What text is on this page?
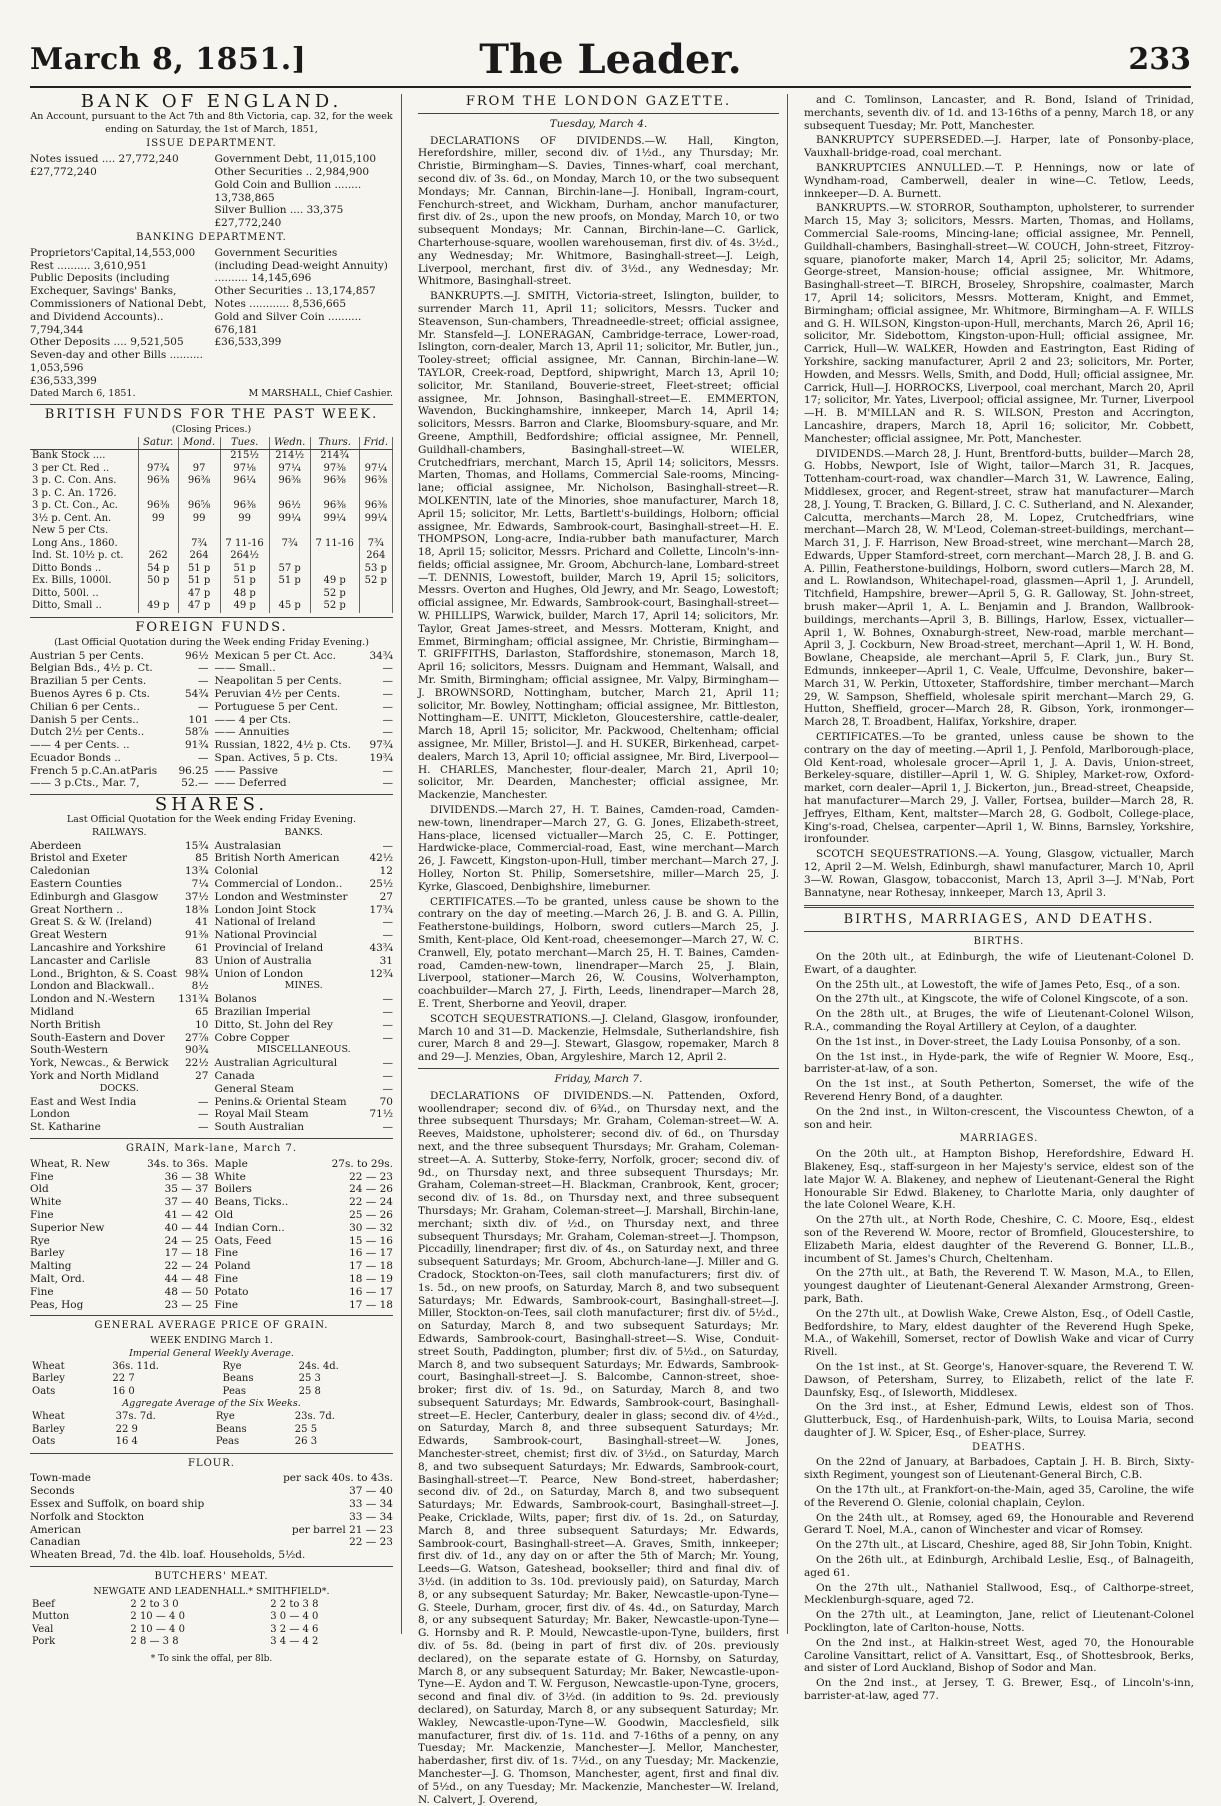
March 8, 1851.]	The Leader.	233
BANK OF ENGLAND.
An Account, pursuant to the Act 7th and 8th Victoria, cap. 32, for the week ending on Saturday, the 1st of March, 1851,
ISSUE DEPARTMENT.
Notes issued .... 27,772,240
£27,772,240
Government Debt, 11,015,100
Other Securities .. 2,984,900
Gold Coin and Bullion ........ 13,738,865
Silver Bullion .... 33,375
£27,772,240
BANKING DEPARTMENT.
Proprietors'Capital,14,553,000
Rest .......... 3,610,951
Public Deposits (including Exchequer, Savings' Banks, Commissioners of National Debt, and Dividend Accounts).. 7,794,344
Other Deposits .... 9,521,505
Seven-day and other Bills .......... 1,053,596
£36,533,399
Government Securities (including Dead-weight Annuity) .......... 14,145,696
Other Securities .. 13,174,857
Notes ............ 8,536,665
Gold and Silver Coin .......... 676,181
£36,533,399
Dated March 6, 1851.	M MARSHALL, Chief Cashier.
BRITISH FUNDS FOR THE PAST WEEK.
(Closing Prices.)
	Satur.	Mond.	Tues.	Wedn.	Thurs.	Frid.
Bank Stock ....			215½	214½	214¾	
3 per Ct. Red ..	97¾	97	97⅛	97¼	97⅜	97¼
3 p. C. Con. Ans.	96⅜	96⅜	96¼	96⅜	96⅜	96⅜
3 p. C. An. 1726.						
3 p. Ct. Con., Ac.	96⅜	96⅝	96⅜	96½	96⅜	96⅜
3½ p. Cent. An.	99	99	99	99¼	99¼	99¼
New 5 per Cts.						
Long Ans., 1860.		7¾	7 11-16	7¾	7 11-16	7¾
Ind. St. 10½ p. ct.	262	264	264½			264
Ditto Bonds ..	54 p	51 p	51 p	57 p		53 p
Ex. Bills, 1000l.	50 p	51 p	51 p	51 p	49 p	52 p
Ditto, 500l. ..		47 p	48 p		52 p	
Ditto, Small ..	49 p	47 p	49 p	45 p	52 p	
FOREIGN FUNDS.
(Last Official Quotation during the Week ending Friday Evening.)
Austrian 5 per Cents.	96½
Belgian Bds., 4½ p. Ct.	—
Brazilian 5 per Cents.	—
Buenos Ayres 6 p. Cts.	54¾
Chilian 6 per Cents..	—
Danish 5 per Cents..	101
Dutch 2½ per Cents..	58⅞
—— 4 per Cents. ..	91¾
Ecuador Bonds ..	—
French 5 p.C.An.atParis 96.25
—— 3 p.Cts., Mar. 7,	52.—
Mexican 5 per Ct. Acc.	34¾
—— Small..	—
Neapolitan 5 per Cents.	—
Peruvian 4½ per Cents.	—
Portuguese 5 per Cent.	—
—— 4 per Cts.	—
—— Annuities	—
Russian, 1822, 4½ p. Cts. 97¾
Span. Actives, 5 p. Cts.	19¾
—— Passive	—
—— Deferred	—
SHARES.
Last Official Quotation for the Week ending Friday Evening.
RAILWAYS.
Aberdeen	15¾
Bristol and Exeter	85
Caledonian	13¾
Eastern Counties	7¼
Edinburgh and Glasgow	37½
Great Northern ..	18⅜
Great S. & W. (Ireland)	41
Great Western	91⅜
Lancashire and Yorkshire	61
Lancaster and Carlisle	83
Lond., Brighton, & S. Coast 98¾
London and Blackwall..	8½
London and N.-Western 131¾
Midland	65
North British	10
South-Eastern and Dover 27⅞
South-Western	90¾
York, Newcas., & Berwick 22½
York and North Midland	27
DOCKS.
East and West India	—
London	—
St. Katharine	—
BANKS.
Australasian	—
British North American	42½
Colonial	12
Commercial of London..	25½
London and Westminster	27
London Joint Stock	17¾
National of Ireland	—
National Provincial	—
Provincial of Ireland	43¾
Union of Australia	31
Union of London	12¾
MINES.
Bolanos	—
Brazilian Imperial	—
Ditto, St. John del Rey	—
Cobre Copper	—
MISCELLANEOUS.
Australian Agricultural	—
Canada	—
General Steam	—
Penins.& Oriental Steam	70
Royal Mail Steam	71½
South Australian	—
GRAIN, Mark-lane, March 7.
Wheat, R. New	34s. to 36s.
Fine	36 — 38
Old	35 — 37
White	37 — 40
Fine	41 — 42
Superior New	40 — 44
Rye	24 — 25
Barley	17 — 18
Malting	22 — 24
Malt, Ord.	44 — 48
Fine	48 — 50
Peas, Hog	23 — 25
Maple	27s. to 29s.
White	22 — 23
Boilers	24 — 26
Beans, Ticks..	22 — 24
Old	25 — 26
Indian Corn..	30 — 32
Oats, Feed	15 — 16
Fine	16 — 17
Poland	17 — 18
Fine	18 — 19
Potato	16 — 17
Fine	17 — 18
GENERAL AVERAGE PRICE OF GRAIN.
WEEK ENDING March 1.
Imperial General Weekly Average.
Wheat	36s. 11d.	Rye	24s. 4d.
Barley	22 7	Beans	25 3
Oats	16 0	Peas	25 8
Aggregate Average of the Six Weeks.
Wheat	37s. 7d.	Rye	23s. 7d.
Barley	22 9	Beans	25 5
Oats	16 4	Peas	26 3
FLOUR.
Town-made	per sack 40s. to 43s.
Seconds	37 — 40
Essex and Suffolk, on board ship	33 — 34
Norfolk and Stockton	33 — 34
American	per barrel 21 — 23
Canadian	22 — 23
Wheaten Bread, 7d. the 4lb. loaf. Households, 5½d.
BUTCHERS' MEAT.
NEWGATE AND LEADENHALL.* SMITHFIELD*.
Beef	2 2 to 3 0	2 2 to 3 8
Mutton	2 10 — 4 0	3 0 — 4 0
Veal	2 10 — 4 0	3 2 — 4 6
Pork	2 8 — 3 8	3 4 — 4 2
* To sink the offal, per 8lb.
FROM THE LONDON GAZETTE.
Tuesday, March 4.

DECLARATIONS OF DIVIDENDS.—W. Hall, Kington, Herefordshire, miller, second div. of 1½d., any Thursday; Mr. Christie, Birmingham—S. Davies, Tinnes-wharf, coal merchant, second div. of 3s. 6d., on Monday, March 10, or the two subsequent Mondays; Mr. Cannan, Birchin-lane—J. Honiball, Ingram-court, Fenchurch-street, and Wickham, Durham, anchor manufacturer, first div. of 2s., upon the new proofs, on Monday, March 10, or two subsequent Mondays; Mr. Cannan, Birchin-lane—C. Garlick, Charterhouse-square, woollen warehouseman, first div. of 4s. 3½d., any Wednesday; Mr. Whitmore, Basinghall-street—J. Leigh, Liverpool, merchant, first div. of 3½d., any Wednesday; Mr. Whitmore, Basinghall-street.

BANKRUPTS.—J. SMITH, Victoria-street, Islington, builder, to surrender March 11, April 11; solicitors, Messrs. Tucker and Steavenson, Sun-chambers, Threadneedle-street; official assignee, Mr. Stansfeld—J. LONERAGAN, Cambridge-terrace, Lower-road, Islington, corn-dealer, March 13, April 11; solicitor, Mr. Butler, jun., Tooley-street; official assignee, Mr. Cannan, Birchin-lane—W. TAYLOR, Creek-road, Deptford, shipwright, March 13, April 10; solicitor, Mr. Staniland, Bouverie-street, Fleet-street; official assignee, Mr. Johnson, Basinghall-street—E. EMMERTON, Wavendon, Buckinghamshire, innkeeper, March 14, April 14; solicitors, Messrs. Barron and Clarke, Bloomsbury-square, and Mr. Greene, Ampthill, Bedfordshire; official assignee, Mr. Pennell, Guildhall-chambers, Basinghall-street—W. WIELER, Crutchedfriars, merchant, March 15, April 14; solicitors, Messrs. Marten, Thomas, and Hollams, Commercial Sale-rooms, Mincing-lane; official assignee, Mr. Nicholson, Basinghall-street—R. MOLKENTIN, late of the Minories, shoe manufacturer, March 18, April 15; solicitor, Mr. Letts, Bartlett's-buildings, Holborn; official assignee, Mr. Edwards, Sambrook-court, Basinghall-street—H. E. THOMPSON, Long-acre, India-rubber bath manufacturer, March 18, April 15; solicitor, Messrs. Prichard and Collette, Lincoln's-inn-fields; official assignee, Mr. Groom, Abchurch-lane, Lombard-street—T. DENNIS, Lowestoft, builder, March 19, April 15; solicitors, Messrs. Overton and Hughes, Old Jewry, and Mr. Seago, Lowestoft; official assignee, Mr. Edwards, Sambrook-court, Basinghall-street—W. PHILLIPS, Warwick, builder, March 17, April 14; solicitors, Mr. Taylor, Great James-street, and Messrs. Motteram, Knight, and Emmet, Birmingham; official assignee, Mr. Christie, Birmingham—T. GRIFFITHS, Darlaston, Staffordshire, stonemason, March 18, April 16; solicitors, Messrs. Duignam and Hemmant, Walsall, and Mr. Smith, Birmingham; official assignee, Mr. Valpy, Birmingham—J. BROWNSORD, Nottingham, butcher, March 21, April 11; solicitor, Mr. Bowley, Nottingham; official assignee, Mr. Bittleston, Nottingham—E. UNITT, Mickleton, Gloucestershire, cattle-dealer, March 18, April 15; solicitor, Mr. Packwood, Cheltenham; official assignee, Mr. Miller, Bristol—J. and H. SUKER, Birkenhead, carpet-dealers, March 13, April 10; official assignee, Mr. Bird, Liverpool—H. CHARLES, Manchester, flour-dealer, March 21, April 10; solicitor, Mr. Dearden, Manchester; official assignee, Mr. Mackenzie, Manchester.

DIVIDENDS.—March 27, H. T. Baines, Camden-road, Camden-new-town, linendraper—March 27, G. G. Jones, Elizabeth-street, Hans-place, licensed victualler—March 25, C. E. Pottinger, Hardwicke-place, Commercial-road, East, wine merchant—March 26, J. Fawcett, Kingston-upon-Hull, timber merchant—March 27, J. Holley, Norton St. Philip, Somersetshire, miller—March 25, J. Kyrke, Glascoed, Denbighshire, limeburner.

CERTIFICATES.—To be granted, unless cause be shown to the contrary on the day of meeting.—March 26, J. B. and G. A. Pillin, Featherstone-buildings, Holborn, sword cutlers—March 25, J. Smith, Kent-place, Old Kent-road, cheesemonger—March 27, W. C. Cranwell, Ely, potato merchant—March 25, H. T. Baines, Camden-road, Camden-new-town, linendraper—March 25, J. Blain, Liverpool, stationer—March 26, W. Cousins, Wolverhampton, coachbuilder—March 27, J. Firth, Leeds, linendraper—March 28, E. Trent, Sherborne and Yeovil, draper.

SCOTCH SEQUESTRATIONS.—J. Cleland, Glasgow, ironfounder, March 10 and 31—D. Mackenzie, Helmsdale, Sutherlandshire, fish curer, March 8 and 29—J. Stewart, Glasgow, ropemaker, March 8 and 29—J. Menzies, Oban, Argyleshire, March 12, April 2.

Friday, March 7.

DECLARATIONS OF DIVIDENDS.—N. Pattenden, Oxford, woollendraper; second div. of 6¾d., on Thursday next, and the three subsequent Thursdays; Mr. Graham, Coleman-street—W. A. Reeves, Maidstone, upholsterer; second div. of 6d., on Thursday next, and the three subsequent Thursdays; Mr. Graham, Coleman-street—A. A. Sutterby, Stoke-ferry, Norfolk, grocer; second div. of 9d., on Thursday next, and three subsequent Thursdays; Mr. Graham, Coleman-street—H. Blackman, Cranbrook, Kent, grocer; second div. of 1s. 8d., on Thursday next, and three subsequent Thursdays; Mr. Graham, Coleman-street—J. Marshall, Birchin-lane, merchant; sixth div. of ½d., on Thursday next, and three subsequent Thursdays; Mr. Graham, Coleman-street—J. Thompson, Piccadilly, linendraper; first div. of 4s., on Saturday next, and three subsequent Saturdays; Mr. Groom, Abchurch-lane—J. Miller and G. Cradock, Stockton-on-Tees, sail cloth manufacturers; first div. of 1s. 5d., on new proofs, on Saturday, March 8, and two subsequent Saturdays; Mr. Edwards, Sambrook-court, Basinghall-street—J. Miller, Stockton-on-Tees, sail cloth manufacturer; first div. of 5½d., on Saturday, March 8, and two subsequent Saturdays; Mr. Edwards, Sambrook-court, Basinghall-street—S. Wise, Conduit-street South, Paddington, plumber; first div. of 5½d., on Saturday, March 8, and two subsequent Saturdays; Mr. Edwards, Sambrook-court, Basinghall-street—J. S. Balcombe, Cannon-street, shoe-broker; first div. of 1s. 9d., on Saturday, March 8, and two subsequent Saturdays; Mr. Edwards, Sambrook-court, Basinghall-street—E. Hecler, Canterbury, dealer in glass; second div. of 4½d., on Saturday, March 8, and three subsequent Saturdays; Mr. Edwards, Sambrook-court, Basinghall-street—W. Jones, Manchester-street, chemist; first div. of 3½d., on Saturday, March 8, and two subsequent Saturdays; Mr. Edwards, Sambrook-court, Basinghall-street—T. Pearce, New Bond-street, haberdasher; second div. of 2d., on Saturday, March 8, and two subsequent Saturdays; Mr. Edwards, Sambrook-court, Basinghall-street—J. Peake, Cricklade, Wilts, paper; first div. of 1s. 2d., on Saturday, March 8, and three subsequent Saturdays; Mr. Edwards, Sambrook-court, Basinghall-street—A. Graves, Smith, innkeeper; first div. of 1d., any day on or after the 5th of March; Mr. Young, Leeds—G. Watson, Gateshead, bookseller; third and final div. of 3½d. (in addition to 3s. 10d. previously paid), on Saturday, March 8, or any subsequent Saturday; Mr. Baker, Newcastle-upon-Tyne—G. Steele, Durham, grocer, first div. of 4s. 4d., on Saturday, March 8, or any subsequent Saturday; Mr. Baker, Newcastle-upon-Tyne—G. Hornsby and R. P. Mould, Newcastle-upon-Tyne, builders, first div. of 5s. 8d. (being in part of first div. of 20s. previously declared), on the separate estate of G. Hornsby, on Saturday, March 8, or any subsequent Saturday; Mr. Baker, Newcastle-upon-Tyne—E. Aydon and T. W. Ferguson, Newcastle-upon-Tyne, grocers, second and final div. of 3½d. (in addition to 9s. 2d. previously declared), on Saturday, March 8, or any subsequent Saturday; Mr. Wakley, Newcastle-upon-Tyne—W. Goodwin, Macclesfield, silk manufacturer, first div. of 1s. 11d. and 7-16ths of a penny, on any Tuesday; Mr. Mackenzie, Manchester—J. Mellor, Manchester, haberdasher, first div. of 1s. 7½d., on any Tuesday; Mr. Mackenzie, Manchester—J. G. Thomson, Manchester, agent, first and final div. of 5½d., on any Tuesday; Mr. Mackenzie, Manchester—W. Ireland, N. Calvert, J. Overend,

and C. Tomlinson, Lancaster, and R. Bond, Island of Trinidad, merchants, seventh div. of 1d. and 13-16ths of a penny, March 18, or any subsequent Tuesday; Mr. Pott, Manchester.

BANKRUPTCY SUPERSEDED.—J. Harper, late of Ponsonby-place, Vauxhall-bridge-road, coal merchant.

BANKRUPTCIES ANNULLED.—T. P. Hennings, now or late of Wyndham-road, Camberwell, dealer in wine—C. Tetlow, Leeds, innkeeper—D. A. Burnett.

BANKRUPTS.—W. STORROR, Southampton, upholsterer, to surrender March 15, May 3; solicitors, Messrs. Marten, Thomas, and Hollams, Commercial Sale-rooms, Mincing-lane; official assignee, Mr. Pennell, Guildhall-chambers, Basinghall-street—W. COUCH, John-street, Fitzroy-square, pianoforte maker, March 14, April 25; solicitor, Mr. Adams, George-street, Mansion-house; official assignee, Mr. Whitmore, Basinghall-street—T. BIRCH, Broseley, Shropshire, coalmaster, March 17, April 14; solicitors, Messrs. Motteram, Knight, and Emmet, Birmingham; official assignee, Mr. Whitmore, Birmingham—A. F. WILLS and G. H. WILSON, Kingston-upon-Hull, merchants, March 26, April 16; solicitor, Mr. Sidebottom, Kingston-upon-Hull; official assignee, Mr. Carrick, Hull—W. WALKER, Howden and Eastrington, East Riding of Yorkshire, sacking manufacturer, April 2 and 23; solicitors, Mr. Porter, Howden, and Messrs. Wells, Smith, and Dodd, Hull; official assignee, Mr. Carrick, Hull—J. HORROCKS, Liverpool, coal merchant, March 20, April 17; solicitor, Mr. Yates, Liverpool; official assignee, Mr. Turner, Liverpool—H. B. M'MILLAN and R. S. WILSON, Preston and Accrington, Lancashire, drapers, March 18, April 16; solicitor, Mr. Cobbett, Manchester; official assignee, Mr. Pott, Manchester.

DIVIDENDS.—March 28, J. Hunt, Brentford-butts, builder—March 28, G. Hobbs, Newport, Isle of Wight, tailor—March 31, R. Jacques, Tottenham-court-road, wax chandler—March 31, W. Lawrence, Ealing, Middlesex, grocer, and Regent-street, straw hat manufacturer—March 28, J. Young, T. Bracken, G. Billard, J. C. C. Sutherland, and N. Alexander, Calcutta, merchants—March 28, M. Lopez, Crutchedfriars, wine merchant—March 28, W. M'Leod, Coleman-street-buildings, merchant—March 31, J. F. Harrison, New Broad-street, wine merchant—March 28, Edwards, Upper Stamford-street, corn merchant—March 28, J. B. and G. A. Pillin, Featherstone-buildings, Holborn, sword cutlers—March 28, M. and L. Rowlandson, Whitechapel-road, glassmen—April 1, J. Arundell, Titchfield, Hampshire, brewer—April 5, G. R. Galloway, St. John-street, brush maker—April 1, A. L. Benjamin and J. Brandon, Wallbrook-buildings, merchants—April 3, B. Billings, Harlow, Essex, victualler—April 1, W. Bohnes, Oxnaburgh-street, New-road, marble merchant—April 3, J. Cockburn, New Broad-street, merchant—April 1, W. H. Bond, Bowlane, Cheapside, ale merchant—April 5, F. Clark, jun., Bury St. Edmunds, innkeeper—April 1, C. Veale, Uffculme, Devonshire, baker—March 31, W. Perkin, Uttoxeter, Staffordshire, timber merchant—March 29, W. Sampson, Sheffield, wholesale spirit merchant—March 29, G. Hutton, Sheffield, grocer—March 28, R. Gibson, York, ironmonger—March 28, T. Broadbent, Halifax, Yorkshire, draper.

CERTIFICATES.—To be granted, unless cause be shown to the contrary on the day of meeting.—April 1, J. Penfold, Marlborough-place, Old Kent-road, wholesale grocer—April 1, J. A. Davis, Union-street, Berkeley-square, distiller—April 1, W. G. Shipley, Market-row, Oxford-market, corn dealer—April 1, J. Bickerton, jun., Bread-street, Cheapside, hat manufacturer—March 29, J. Valler, Fortsea, builder—March 28, R. Jeffryes, Eltham, Kent, maltster—March 28, G. Godbolt, College-place, King's-road, Chelsea, carpenter—April 1, W. Binns, Barnsley, Yorkshire, ironfounder.

SCOTCH SEQUESTRATIONS.—A. Young, Glasgow, victualler, March 12, April 2—M. Welsh, Edinburgh, shawl manufacturer, March 10, April 3—W. Rowan, Glasgow, tobacconist, March 13, April 3—J. M'Nab, Port Bannatyne, near Rothesay, innkeeper, March 13, April 3.

BIRTHS, MARRIAGES, AND DEATHS.
BIRTHS.

On the 20th ult., at Edinburgh, the wife of Lieutenant-Colonel D. Ewart, of a daughter.

On the 25th ult., at Lowestoft, the wife of James Peto, Esq., of a son.

On the 27th ult., at Kingscote, the wife of Colonel Kingscote, of a son.

On the 28th ult., at Bruges, the wife of Lieutenant-Colonel Wilson, R.A., commanding the Royal Artillery at Ceylon, of a daughter.

On the 1st inst., in Dover-street, the Lady Louisa Ponsonby, of a son.

On the 1st inst., in Hyde-park, the wife of Regnier W. Moore, Esq., barrister-at-law, of a son.

On the 1st inst., at South Petherton, Somerset, the wife of the Reverend Henry Bond, of a daughter.

On the 2nd inst., in Wilton-crescent, the Viscountess Chewton, of a son and heir.

MARRIAGES.

On the 20th ult., at Hampton Bishop, Herefordshire, Edward H. Blakeney, Esq., staff-surgeon in her Majesty's service, eldest son of the late Major W. A. Blakeney, and nephew of Lieutenant-General the Right Honourable Sir Edwd. Blakeney, to Charlotte Maria, only daughter of the late Colonel Weare, K.H.

On the 27th ult., at North Rode, Cheshire, C. C. Moore, Esq., eldest son of the Reverend W. Moore, rector of Bromfield, Gloucestershire, to Elizabeth Maria, eldest daughter of the Reverend G. Bonner, LL.B., incumbent of St. James's Church, Cheltenham.

On the 27th ult., at Bath, the Reverend T. W. Mason, M.A., to Ellen, youngest daughter of Lieutenant-General Alexander Armstrong, Green-park, Bath.

On the 27th ult., at Dowlish Wake, Crewe Alston, Esq., of Odell Castle, Bedfordshire, to Mary, eldest daughter of the Reverend Hugh Speke, M.A., of Wakehill, Somerset, rector of Dowlish Wake and vicar of Curry Rivell.

On the 1st inst., at St. George's, Hanover-square, the Reverend T. W. Dawson, of Petersham, Surrey, to Elizabeth, relict of the late F. Daunfsky, Esq., of Isleworth, Middlesex.

On the 3rd inst., at Esher, Edmund Lewis, eldest son of Thos. Glutterbuck, Esq., of Hardenhuish-park, Wilts, to Louisa Maria, second daughter of J. W. Spicer, Esq., of Esher-place, Surrey.

DEATHS.

On the 22nd of January, at Barbadoes, Captain J. H. B. Birch, Sixty-sixth Regiment, youngest son of Lieutenant-General Birch, C.B.

On the 17th ult., at Frankfort-on-the-Main, aged 35, Caroline, the wife of the Reverend O. Glenie, colonial chaplain, Ceylon.

On the 24th ult., at Romsey, aged 69, the Honourable and Reverend Gerard T. Noel, M.A., canon of Winchester and vicar of Romsey.

On the 27th ult., at Liscard, Cheshire, aged 88, Sir John Tobin, Knight.

On the 26th ult., at Edinburgh, Archibald Leslie, Esq., of Balnageith, aged 61.

On the 27th ult., Nathaniel Stallwood, Esq., of Calthorpe-street, Mecklenburgh-square, aged 72.

On the 27th ult., at Leamington, Jane, relict of Lieutenant-Colonel Pocklington, late of Carlton-house, Notts.

On the 2nd inst., at Halkin-street West, aged 70, the Honourable Caroline Vansittart, relict of A. Vansittart, Esq., of Shottesbrook, Berks, and sister of Lord Auckland, Bishop of Sodor and Man.

On the 2nd inst., at Jersey, T. G. Brewer, Esq., of Lincoln's-inn, barrister-at-law, aged 77.
